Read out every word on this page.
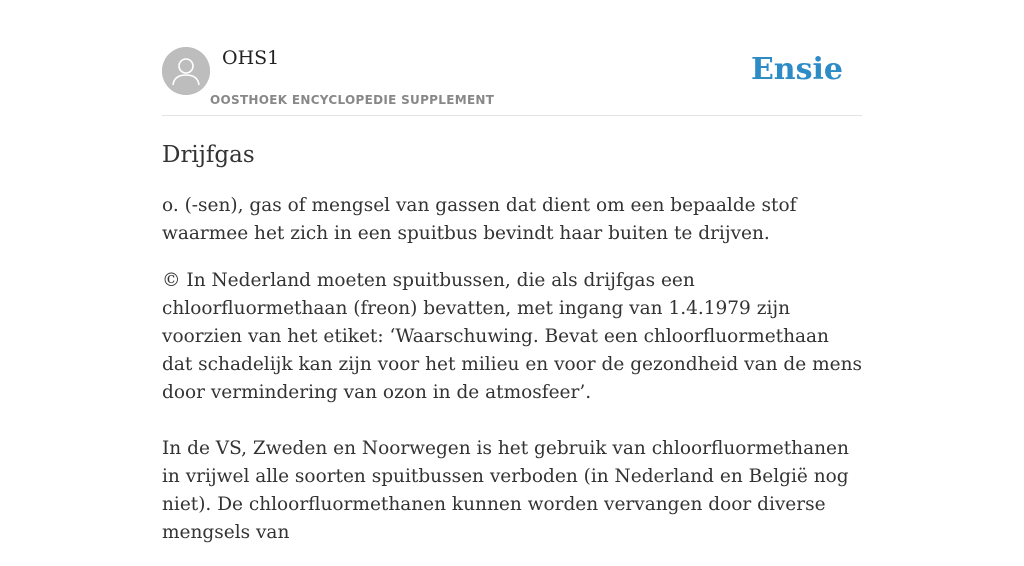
OHS1
OOSTHOEK ENCYCLOPEDIE SUPPLEMENT
Ensie
Drijfgas

o. (-sen), gas of mengsel van gassen dat dient om een bepaalde stof waarmee het zich in een spuitbus bevindt haar buiten te drijven.

© In Nederland moeten spuitbussen, die als drijfgas een chloorfluormethaan (freon) bevatten, met ingang van 1.4.1979 zijn voorzien van het etiket: ‘Waarschuwing. Bevat een chloorfluormethaan dat schadelijk kan zijn voor het milieu en voor de gezondheid van de mens door vermindering van ozon in de atmosfeer’.

In de VS, Zweden en Noorwegen is het gebruik van chloorfluormethanen in vrijwel alle soorten spuitbussen verboden (in Nederland en België nog niet). De chloorfluormethanen kunnen worden vervangen door diverse mengsels van
